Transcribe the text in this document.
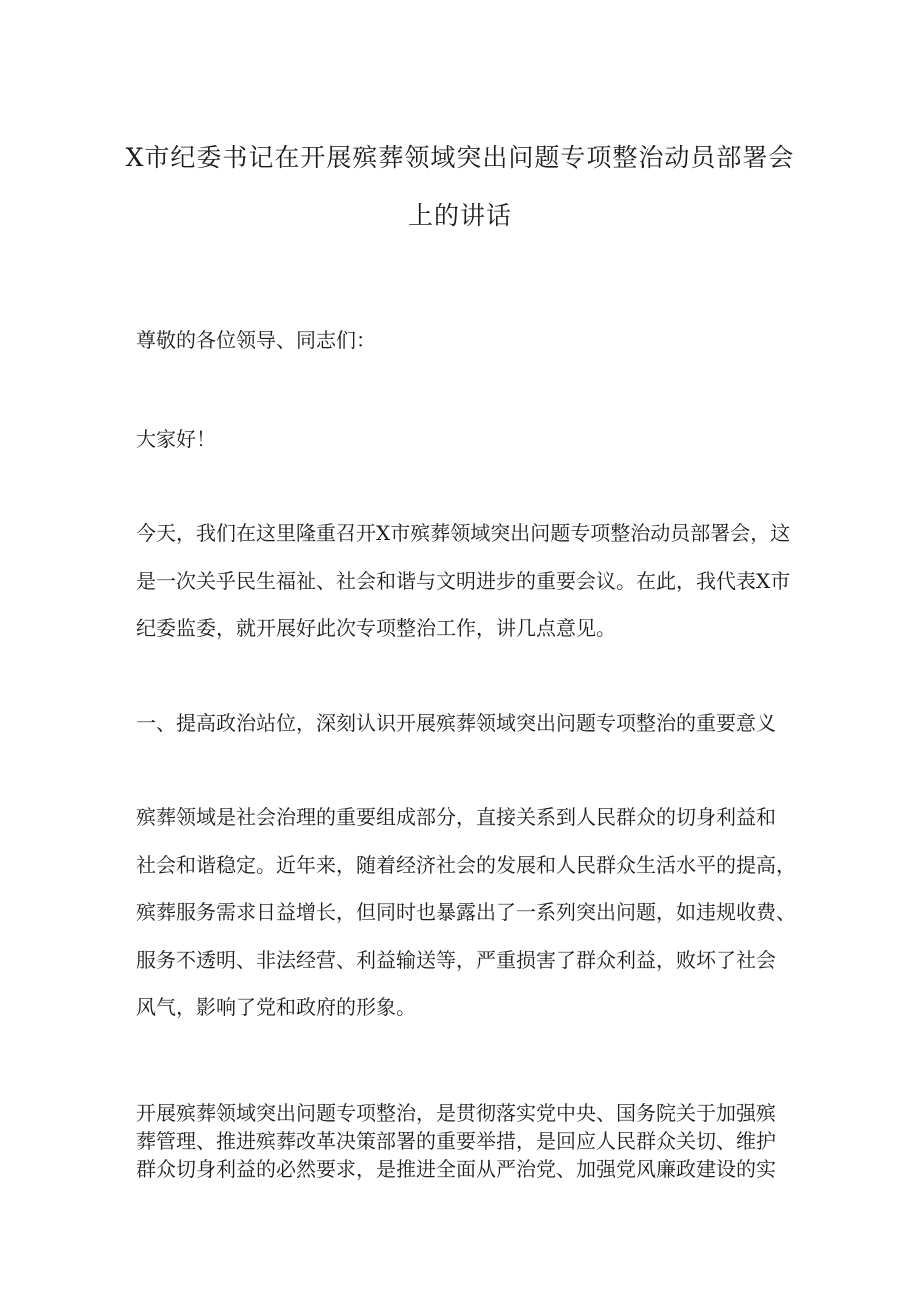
X市纪委书记在开展殡葬领域突出问题专项整治动员部署会
上的讲话

尊敬的各位领导、同志们：

大家好！

今天，我们在这里隆重召开X市殡葬领域突出问题专项整治动员部署会，这

是一次关乎民生福祉、社会和谐与文明进步的重要会议。在此，我代表X市

纪委监委，就开展好此次专项整治工作，讲几点意见。

一、提高政治站位，深刻认识开展殡葬领域突出问题专项整治的重要意义

殡葬领域是社会治理的重要组成部分，直接关系到人民群众的切身利益和

社会和谐稳定。近年来，随着经济社会的发展和人民群众生活水平的提高，

殡葬服务需求日益增长，但同时也暴露出了一系列突出问题，如违规收费、

服务不透明、非法经营、利益输送等，严重损害了群众利益，败坏了社会

风气，影响了党和政府的形象。

开展殡葬领域突出问题专项整治，是贯彻落实党中央、国务院关于加强殡

葬管理、推进殡葬改革决策部署的重要举措，是回应人民群众关切、维护

群众切身利益的必然要求，是推进全面从严治党、加强党风廉政建设的实
